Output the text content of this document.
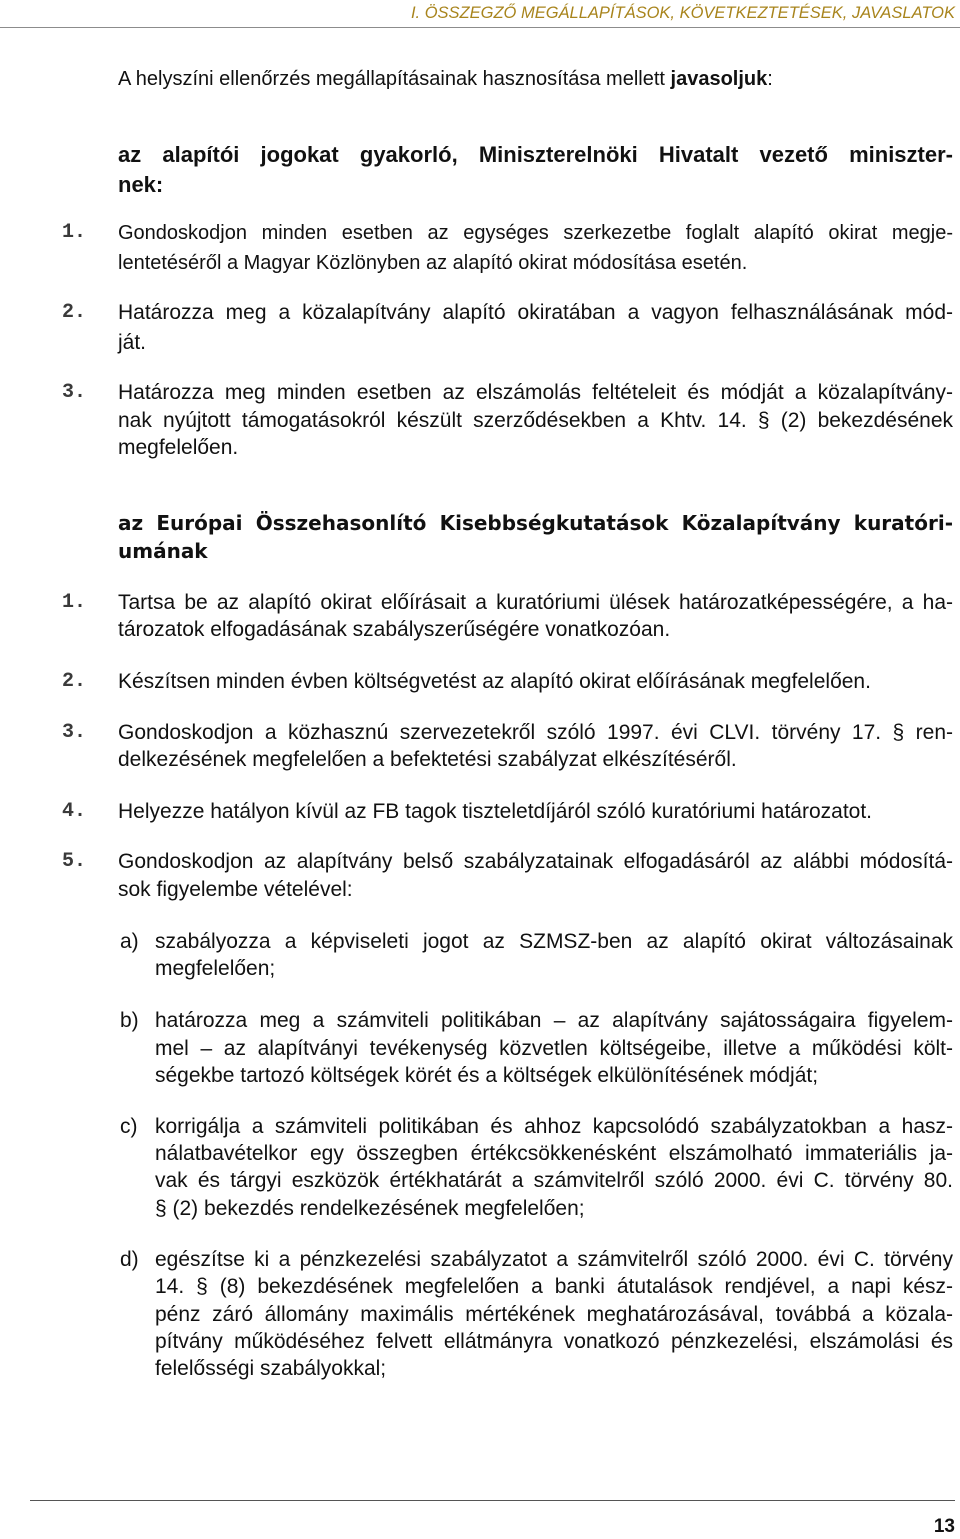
I. ÖSSZEGZŐ MEGÁLLAPÍTÁSOK, KÖVETKEZTETÉSEK, JAVASLATOK

A helyszíni ellenőrzés megállapításainak hasznosítása mellett javasoljuk:

az alapítói jogokat gyakorló, Miniszterelnöki Hivatalt vezető miniszter-
nek:
1. Gondoskodjon minden esetben az egységes szerkezetbe foglalt alapító okirat megje-
lentetéséről a Magyar Közlönyben az alapító okirat módosítása esetén.
2. Határozza meg a közalapítvány alapító okiratában a vagyon felhasználásának mód-
ját.
3. Határozza meg minden esetben az elszámolás feltételeit és módját a közalapítvány-
nak nyújtott támogatásokról készült szerződésekben a Khtv. 14. § (2) bekezdésének
megfelelően.
az Európai Összehasonlító Kisebbségkutatások Közalapítvány kuratóri-
umának
1. Tartsa be az alapító okirat előírásait a kuratóriumi ülések határozatképességére, a ha-
tározatok elfogadásának szabályszerűségére vonatkozóan.
2. Készítsen minden évben költségvetést az alapító okirat előírásának megfelelően.
3. Gondoskodjon a közhasznú szervezetekről szóló 1997. évi CLVI. törvény 17. § ren-
delkezésének megfelelően a befektetési szabályzat elkészítéséről.
4. Helyezze hatályon kívül az FB tagok tiszteletdíjáról szóló kuratóriumi határozatot.
5. Gondoskodjon az alapítvány belső szabályzatainak elfogadásáról az alábbi módosítá-
sok figyelembe vételével:
a) szabályozza a képviseleti jogot az SZMSZ-ben az alapító okirat változásainak
megfelelően;
b) határozza meg a számviteli politikában – az alapítvány sajátosságaira figyelem-
mel – az alapítványi tevékenység közvetlen költségeibe, illetve a működési költ-
ségekbe tartozó költségek körét és a költségek elkülönítésének módját;
c) korrigálja a számviteli politikában és ahhoz kapcsolódó szabályzatokban a hasz-
nálatbavételkor egy összegben értékcsökkenésként elszámolható immateriális ja-
vak és tárgyi eszközök értékhatárát a számvitelről szóló 2000. évi C. törvény 80.
§ (2) bekezdés rendelkezésének megfelelően;
d) egészítse ki a pénzkezelési szabályzatot a számvitelről szóló 2000. évi C. törvény
14. § (8) bekezdésének megfelelően a banki átutalások rendjével, a napi kész-
pénz záró állomány maximális mértékének meghatározásával, továbbá a közala-
pítvány működéséhez felvett ellátmányra vonatkozó pénzkezelési, elszámolási és
felelősségi szabályokkal;
13
